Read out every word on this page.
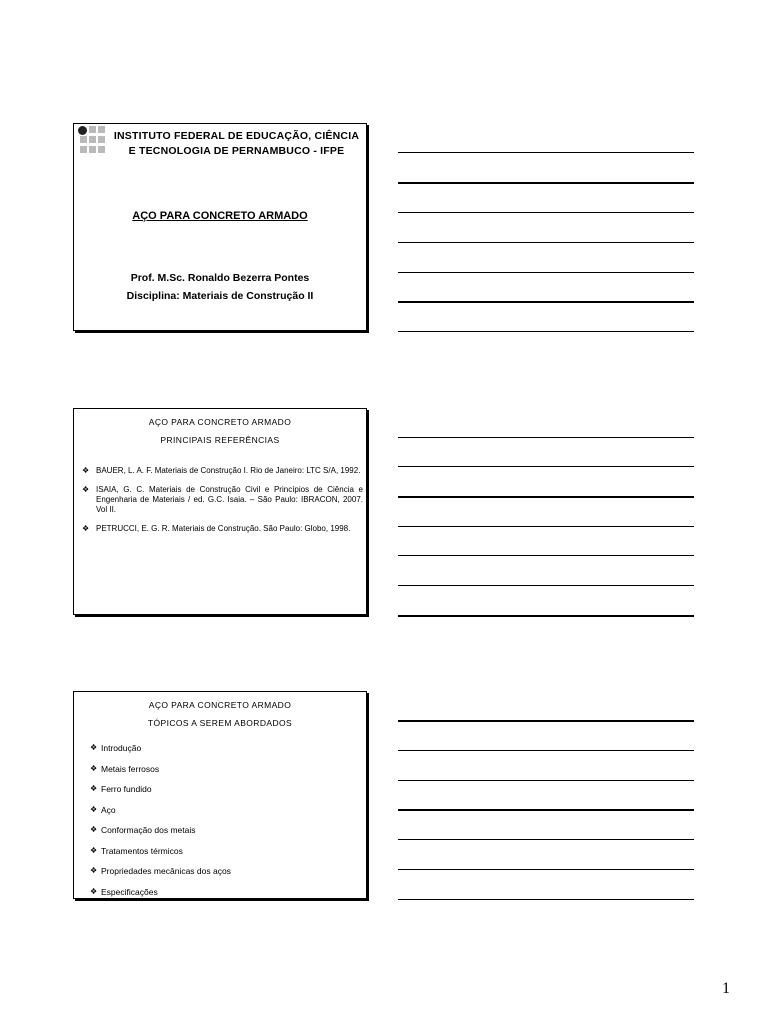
INSTITUTO FEDERAL DE EDUCAÇÃO, CIÊNCIA
E TECNOLOGIA DE PERNAMBUCO - IFPE
AÇO PARA CONCRETO ARMADO
Prof. M.Sc. Ronaldo Bezerra Pontes
Disciplina: Materiais de Construção II
AÇO PARA CONCRETO ARMADO
PRINCIPAIS REFERÊNCIAS
❖ BAUER, L. A. F. Materiais de Construção I. Rio de Janeiro: LTC S/A, 1992.
❖ ISAIA, G. C. Materiais de Construção Civil e Princípios de Ciência e Engenharia de Materiais / ed. G.C. Isaia. – São Paulo: IBRACON, 2007. Vol II.
❖ PETRUCCI, E. G. R. Materiais de Construção. São Paulo: Globo, 1998.
AÇO PARA CONCRETO ARMADO
TÓPICOS A SEREM ABORDADOS
❖ Introdução
❖ Metais ferrosos
❖ Ferro fundido
❖ Aço
❖ Conformação dos metais
❖ Tratamentos térmicos
❖ Propriedades mecânicas dos aços
❖ Especificações
1
